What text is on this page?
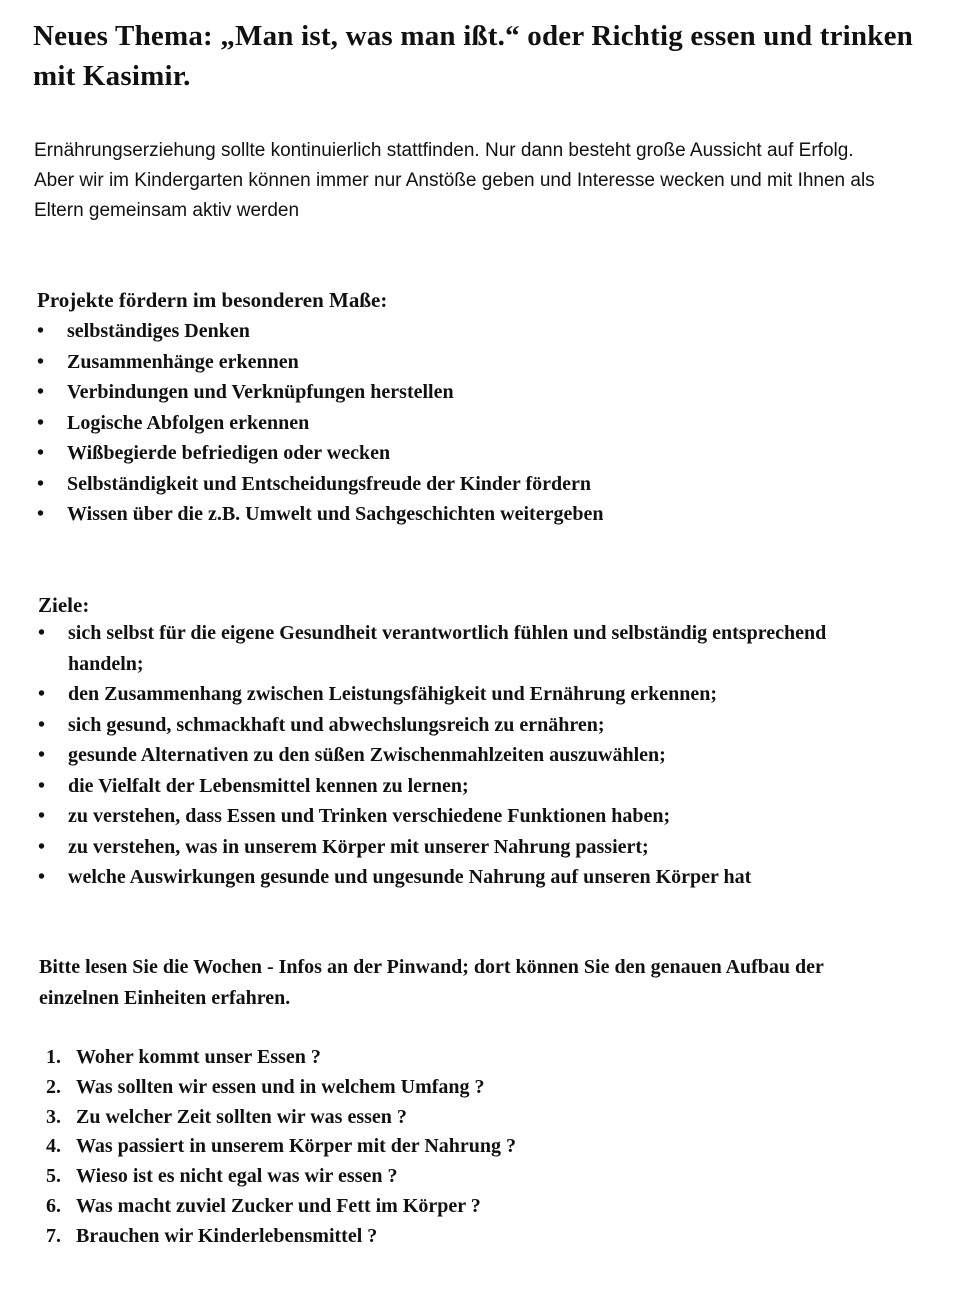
Neues Thema: „Man ist, was man ißt.“ oder Richtig essen und trinken mit Kasimir.

Ernährungserziehung sollte kontinuierlich stattfinden. Nur dann besteht große Aussicht auf Erfolg.

Aber wir im Kindergarten können immer nur Anstöße geben und Interesse wecken und mit Ihnen als Eltern gemeinsam aktiv werden

Projekte fördern im besonderen Maße:
• selbständiges Denken
• Zusammenhänge erkennen
• Verbindungen und Verknüpfungen herstellen
• Logische Abfolgen erkennen
• Wißbegierde befriedigen oder wecken
• Selbständigkeit und Entscheidungsfreude der Kinder fördern
• Wissen über die z.B. Umwelt und Sachgeschichten weitergeben
Ziele:
• sich selbst für die eigene Gesundheit verantwortlich fühlen und selbständig entsprechend handeln;
• den Zusammenhang zwischen Leistungsfähigkeit und Ernährung erkennen;
• sich gesund, schmackhaft und abwechslungsreich zu ernähren;
• gesunde Alternativen zu den süßen Zwischenmahlzeiten auszuwählen;
• die Vielfalt der Lebensmittel kennen zu lernen;
• zu verstehen, dass Essen und Trinken verschiedene Funktionen haben;
• zu verstehen, was in unserem Körper mit unserer Nahrung passiert;
• welche Auswirkungen gesunde und ungesunde Nahrung auf unseren Körper hat

Bitte lesen Sie die Wochen - Infos an der Pinwand; dort können Sie den genauen Aufbau der einzelnen Einheiten erfahren.

1. Woher kommt unser Essen ?
2. Was sollten wir essen und in welchem Umfang ?
3. Zu welcher Zeit sollten wir was essen ?
4. Was passiert in unserem Körper mit der Nahrung ?
5. Wieso ist es nicht egal was wir essen ?
6. Was macht zuviel Zucker und Fett im Körper ?
7. Brauchen wir Kinderlebensmittel ?
